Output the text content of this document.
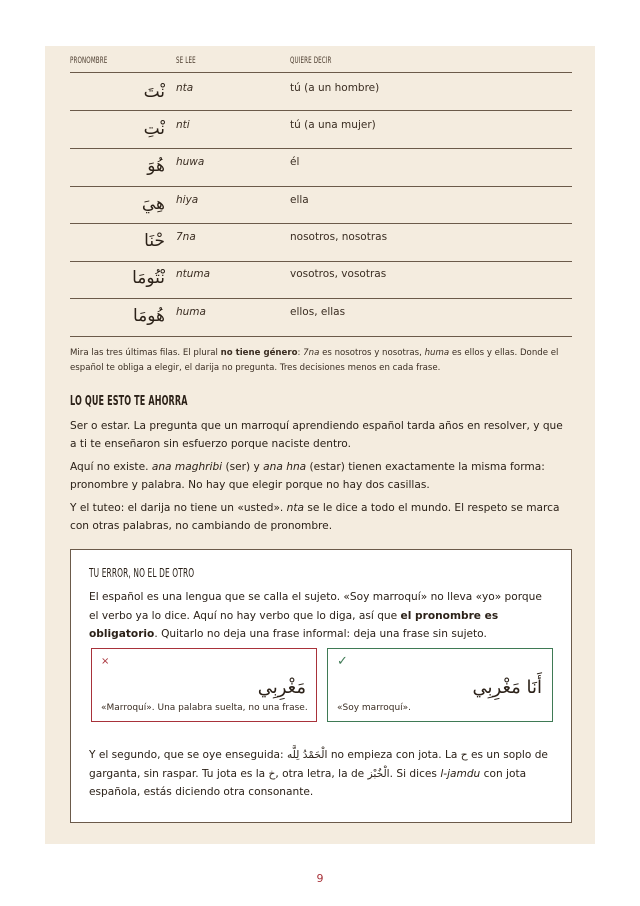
PRONOMBRE	SE LEE	QUIERE DECIR
نْتَ nta	tú (a un hombre)
نْتِ nti	tú (a una mujer)
هُوَ huwa	él
هِيَ hiya	ella
حْنَا 7na	nosotros, nosotras
نْتُومَا ntuma	vosotros, vosotras
هُومَا huma	ellos, ellas
Mira las tres últimas filas. El plural no tiene género: 7na es nosotros y nosotras, huma es ellos y ellas. Donde el español te obliga a elegir, el darija no pregunta. Tres decisiones menos en cada frase.
LO QUE ESTO TE AHORRA
Ser o estar. La pregunta que un marroquí aprendiendo español tarda años en resolver, y que a ti te enseñaron sin esfuerzo porque naciste dentro.
Aquí no existe. ana maghribi (ser) y ana hna (estar) tienen exactamente la misma forma: pronombre y palabra. No hay que elegir porque no hay dos casillas.
Y el tuteo: el darija no tiene un «usted». nta se le dice a todo el mundo. El respeto se marca con otras palabras, no cambiando de pronombre.
TU ERROR, NO EL DE OTRO
El español es una lengua que se calla el sujeto. «Soy marroquí» no lleva «yo» porque el verbo ya lo dice. Aquí no hay verbo que lo diga, así que el pronombre es obligatorio. Quitarlo no deja una frase informal: deja una frase sin sujeto.
×
مَغْرِبِي
«Marroquí». Una palabra suelta, no una frase.
✓
أَنَا مَغْرِبِي
«Soy marroquí».
Y el segundo, que se oye enseguida: الْحَمْدُ لِلَّه no empieza con jota. La ح es un soplo de garganta, sin raspar. Tu jota es la خ, otra letra, la de الْخُبْز. Si dices l-jamdu con jota española, estás diciendo otra consonante.
9
